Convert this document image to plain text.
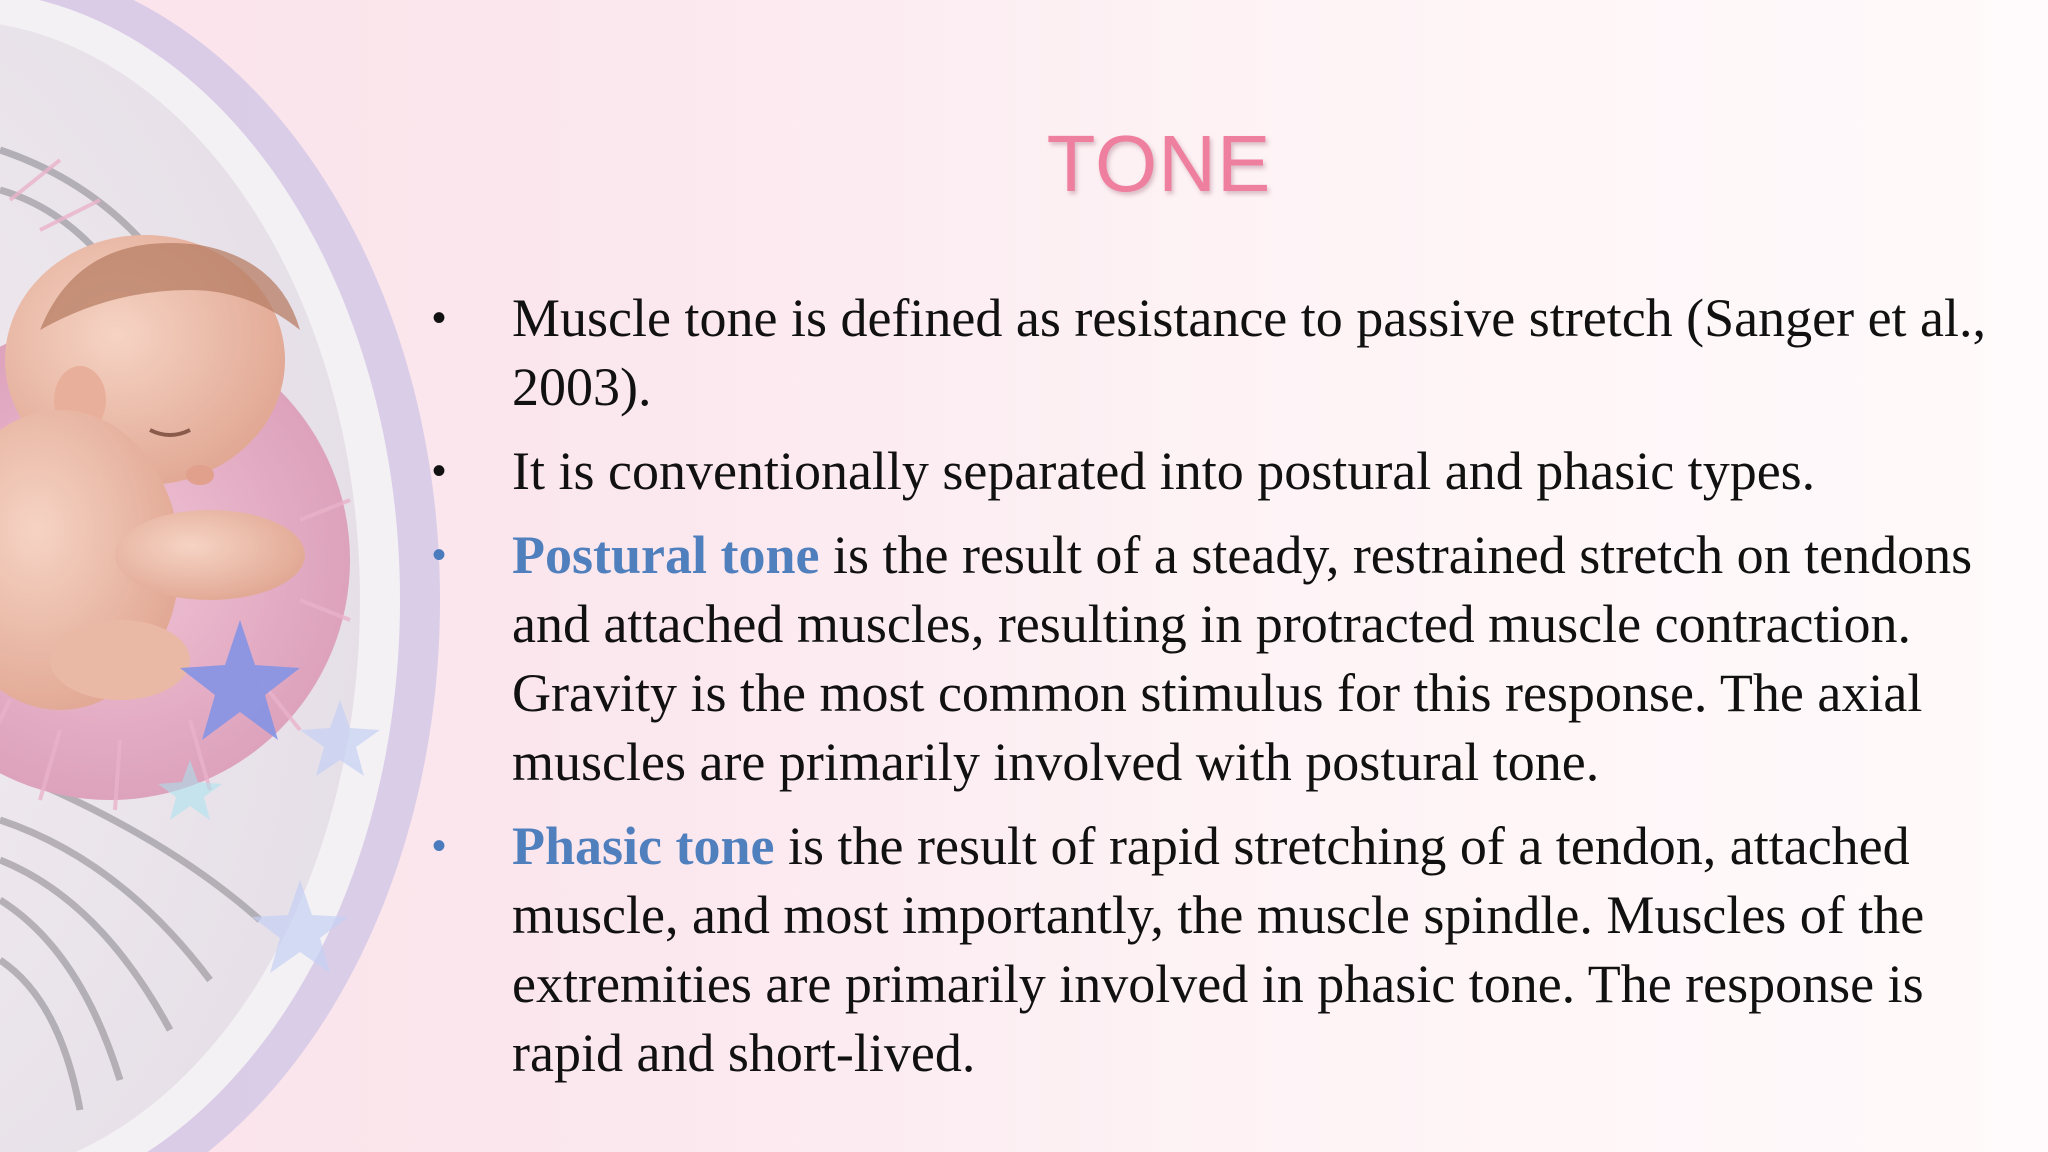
TONE
•	Muscle tone is defined as resistance to passive stretch (Sanger et al., 2003).
•	It is conventionally separated into postural and phasic types.
•	Postural tone is the result of a steady, restrained stretch on tendons and attached muscles, resulting in protracted muscle contraction. Gravity is the most common stimulus for this response. The axial muscles are primarily involved with postural tone.
•	Phasic tone is the result of rapid stretching of a tendon, attached muscle, and most importantly, the muscle spindle. Muscles of the extremities are primarily involved in phasic tone. The response is rapid and short-lived.
